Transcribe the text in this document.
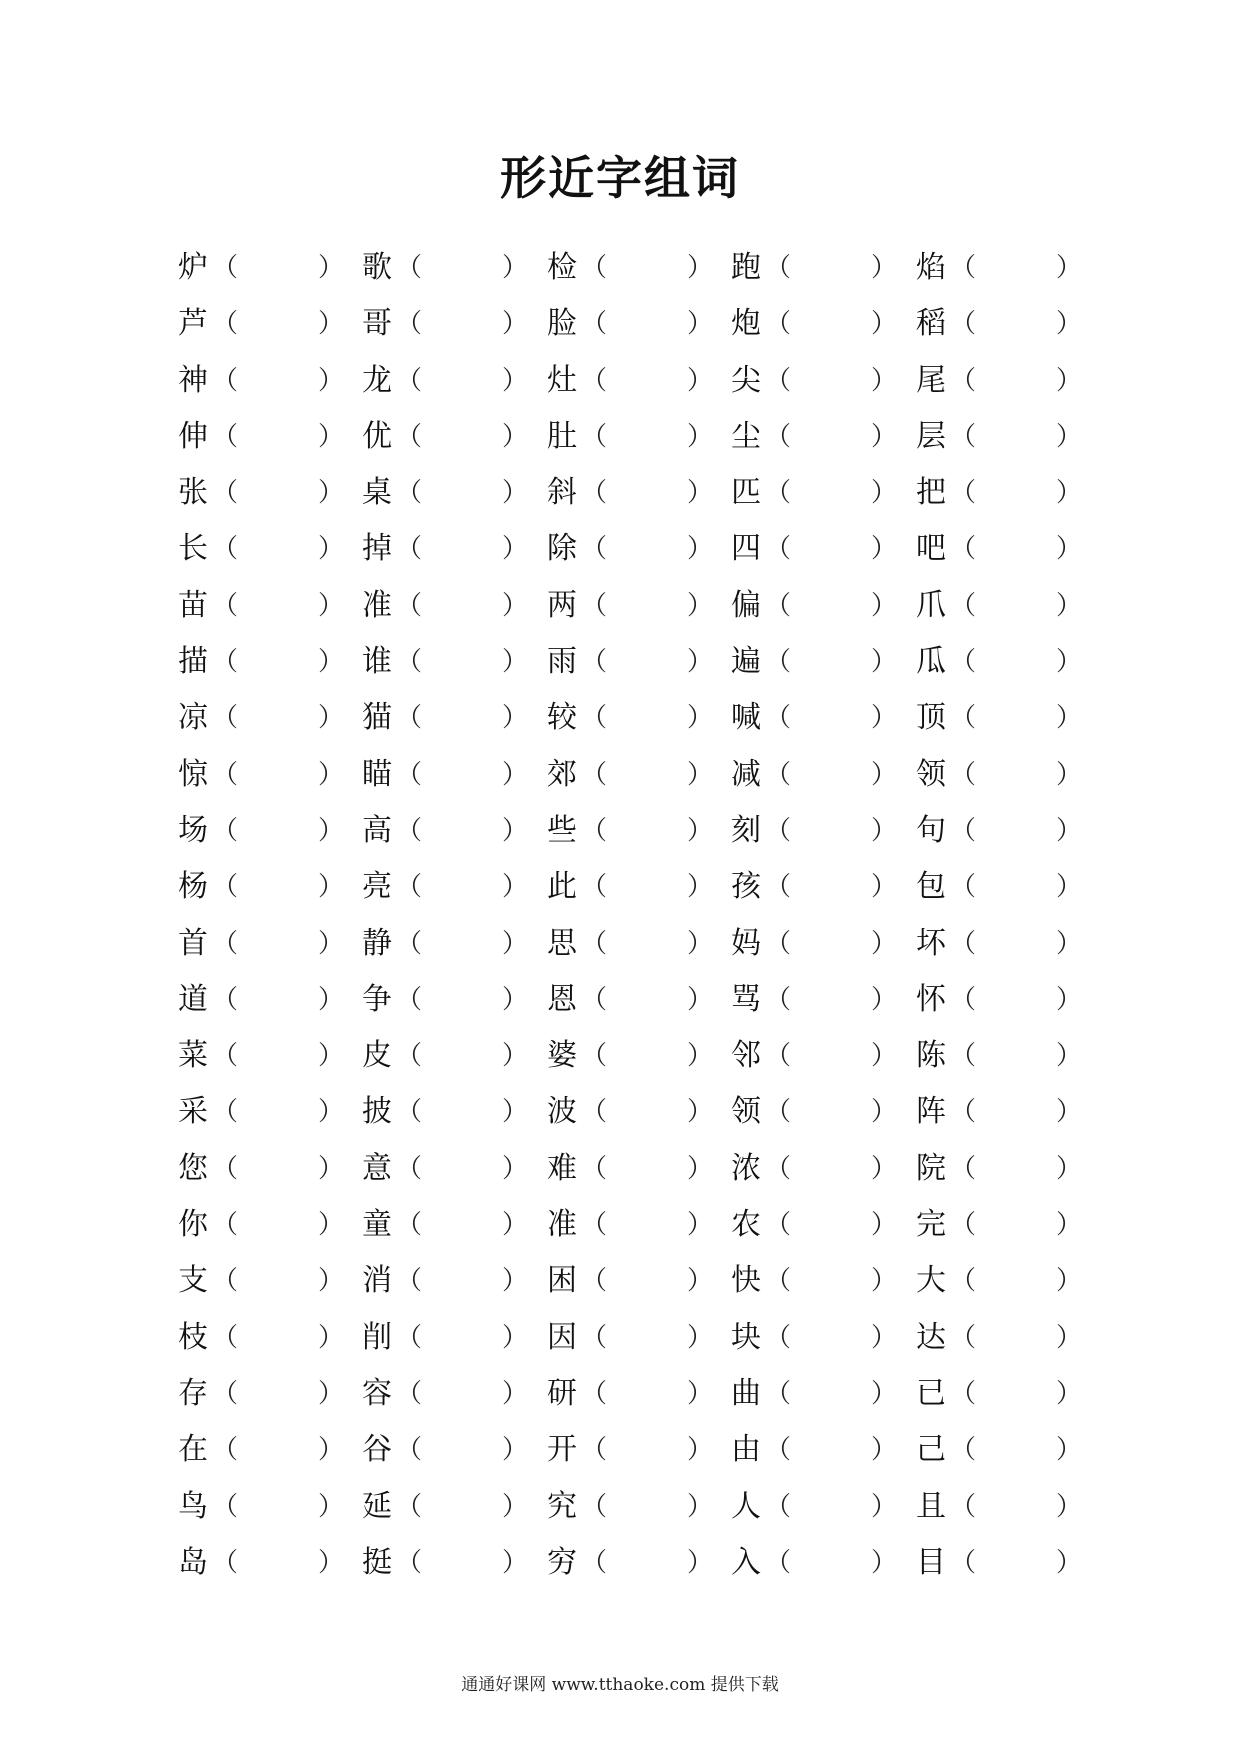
形近字组词
炉 （	） 歌 （	） 检 （	） 跑 （	） 焰 （	）
芦 （	） 哥 （	） 脸 （	） 炮 （	） 稻 （	）
神 （	） 龙 （	） 灶 （	） 尖 （	） 尾 （	）
伸 （	） 优 （	） 肚 （	） 尘 （	） 层 （	）
张 （	） 桌 （	） 斜 （	） 匹 （	） 把 （	）
长 （	） 掉 （	） 除 （	） 四 （	） 吧 （	）
苗 （	） 准 （	） 两 （	） 偏 （	） 爪 （	）
描 （	） 谁 （	） 雨 （	） 遍 （	） 瓜 （	）
凉 （	） 猫 （	） 较 （	） 喊 （	） 顶 （	）
惊 （	） 瞄 （	） 郊 （	） 减 （	） 领 （	）
场 （	） 高 （	） 些 （	） 刻 （	） 句 （	）
杨 （	） 亮 （	） 此 （	） 孩 （	） 包 （	）
首 （	） 静 （	） 思 （	） 妈 （	） 坏 （	）
道 （	） 争 （	） 恩 （	） 骂 （	） 怀 （	）
菜 （	） 皮 （	） 婆 （	） 邻 （	） 陈 （	）
采 （	） 披 （	） 波 （	） 领 （	） 阵 （	）
您 （	） 意 （	） 难 （	） 浓 （	） 院 （	）
你 （	） 童 （	） 准 （	） 农 （	） 完 （	）
支 （	） 消 （	） 困 （	） 快 （	） 大 （	）
枝 （	） 削 （	） 因 （	） 块 （	） 达 （	）
存 （	） 容 （	） 研 （	） 曲 （	） 已 （	）
在 （	） 谷 （	） 开 （	） 由 （	） 己 （	）
鸟 （	） 延 （	） 究 （	） 人 （	） 且 （	）
岛 （	） 挺 （	） 穷 （	） 入 （	） 目 （	）
通通好课网 www.tthaoke.com 提供下载
